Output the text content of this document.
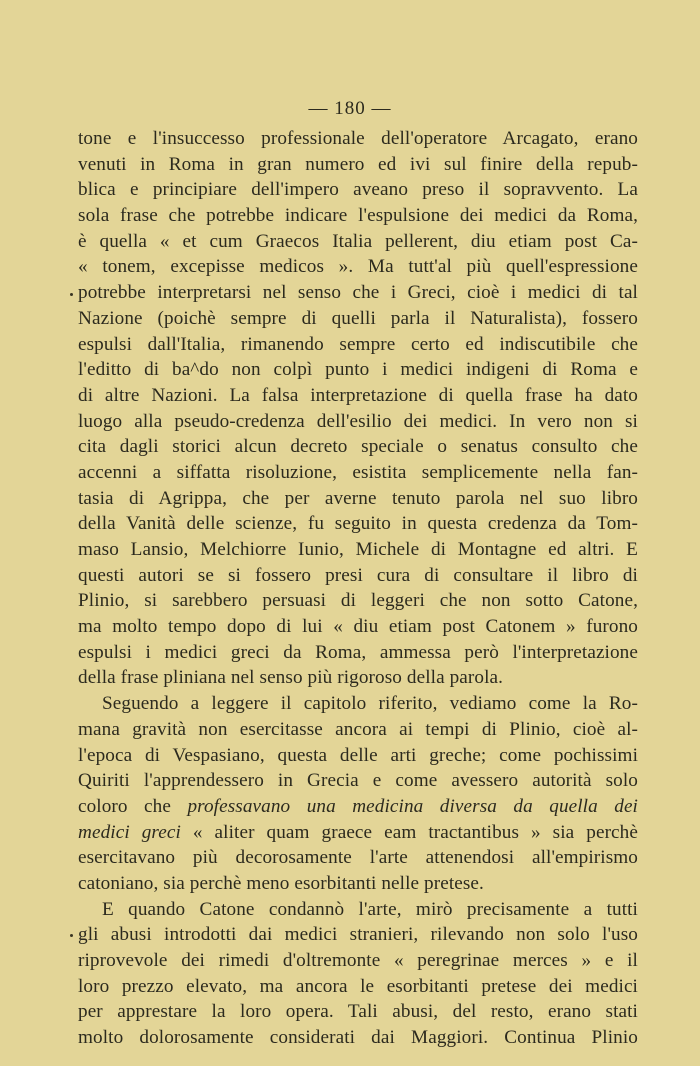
— 180 —
tone e l'insuccesso professionale dell'operatore Arcagato, erano
venuti in Roma in gran numero ed ivi sul finire della repub-
blica e principiare dell'impero aveano preso il sopravvento. La
sola frase che potrebbe indicare l'espulsione dei medici da Roma,
è quella « et cum Graecos Italia pellerent, diu etiam post Ca-
« tonem, excepisse medicos ». Ma tutt'al più quell'espressione
potrebbe interpretarsi nel senso che i Greci, cioè i medici di tal
Nazione (poichè sempre di quelli parla il Naturalista), fossero
espulsi dall'Italia, rimanendo sempre certo ed indiscutibile che
l'editto di ba^do non colpì punto i medici indigeni di Roma e
di altre Nazioni. La falsa interpretazione di quella frase ha dato
luogo alla pseudo-credenza dell'esilio dei medici. In vero non si
cita dagli storici alcun decreto speciale o senatus consulto che
accenni a siffatta risoluzione, esistita semplicemente nella fan-
tasia di Agrippa, che per averne tenuto parola nel suo libro
della Vanità delle scienze, fu seguito in questa credenza da Tom-
maso Lansio, Melchiorre Iunio, Michele di Montagne ed altri. E
questi autori se si fossero presi cura di consultare il libro di
Plinio, si sarebbero persuasi di leggeri che non sotto Catone,
ma molto tempo dopo di lui « diu etiam post Catonem » furono
espulsi i medici greci da Roma, ammessa però l'interpretazione
della frase pliniana nel senso più rigoroso della parola.
Seguendo a leggere il capitolo riferito, vediamo come la Ro-
mana gravità non esercitasse ancora ai tempi di Plinio, cioè al-
l'epoca di Vespasiano, questa delle arti greche; come pochissimi
Quiriti l'apprendessero in Grecia e come avessero autorità solo
coloro che professavano una medicina diversa da quella dei
medici greci « aliter quam graece eam tractantibus » sia perchè
esercitavano più decorosamente l'arte attenendosi all'empirismo
catoniano, sia perchè meno esorbitanti nelle pretese.
E quando Catone condannò l'arte, mirò precisamente a tutti
gli abusi introdotti dai medici stranieri, rilevando non solo l'uso
riprovevole dei rimedi d'oltremonte « peregrinae merces » e il
loro prezzo elevato, ma ancora le esorbitanti pretese dei medici
per apprestare la loro opera. Tali abusi, del resto, erano stati
molto dolorosamente considerati dai Maggiori. Continua Plinio
